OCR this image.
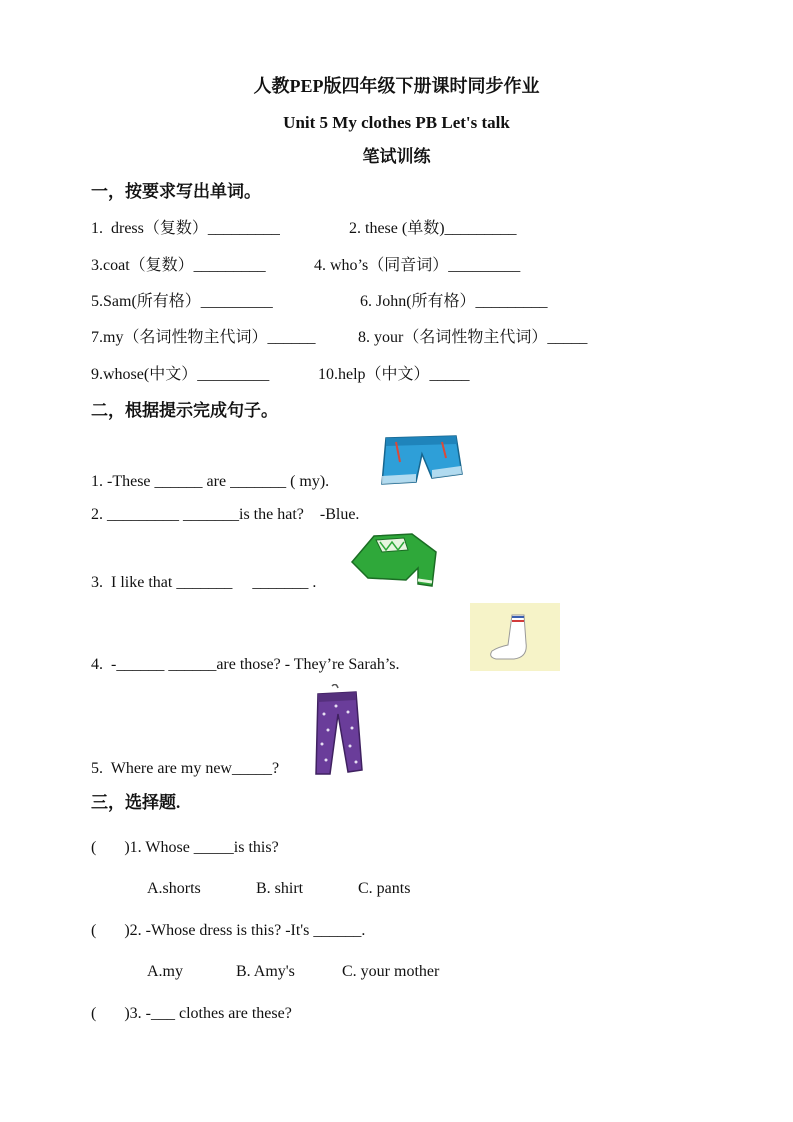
人教PEP版四年级下册课时同步作业
Unit 5 My clothes PB Let's talk
笔试训练
一，按要求写出单词。
1.  dress（复数）_________	2. these (单数)_________
3.coat（复数）_________	4. who’s（同音词）_________
5.Sam(所有格）_________	6. John(所有格）_________
7.my（名词性物主代词）______	8. your（名词性物主代词）_____
9.whose(中文）_________	10.help（中文）_____
二，根据提示完成句子。
1. -These ______ are _______ ( my).
2. _________ _______is the hat?    -Blue.
3.  I like that _______     _______ .
4.  -______ ______are those? - They’re Sarah’s.
5.  Where are my new_____?
三，选择题.
(       )1. Whose _____is this?
A.shorts	B. shirt	C. pants
(       )2. -Whose dress is this? -It's ______.
A.my	B. Amy's	C. your mother
(       )3. -___ clothes are these?
